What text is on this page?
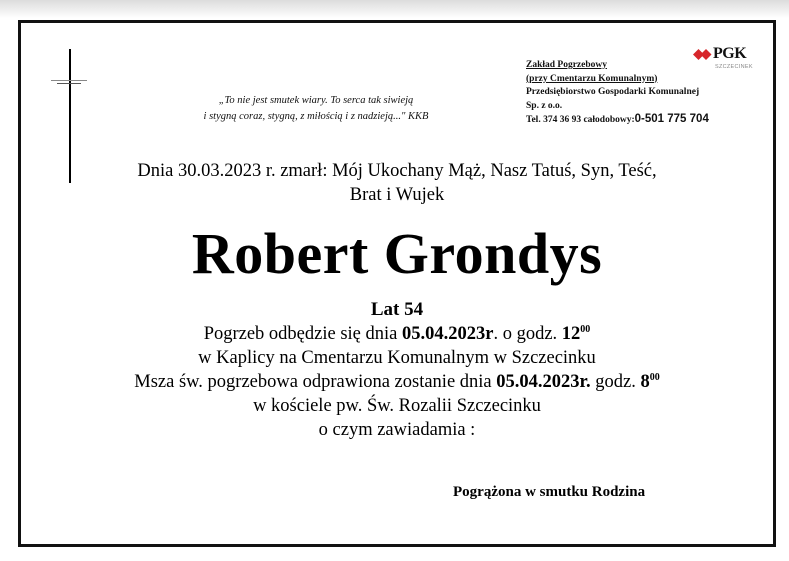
„To nie jest smutek wiary. To serca tak siwieją
i stygną coraz, stygną, z miłością i z nadzieją..." KKB
PGK
SZCZECINEK
Zakład Pogrzebowy
(przy Cmentarzu Komunalnym)
Przedsiębiorstwo Gospodarki Komunalnej
Sp. z o.o.
Tel. 374 36 93 całodobowy:0-501 775 704
Dnia 30.03.2023 r. zmarł: Mój Ukochany Mąż, Nasz Tatuś, Syn, Teść,
Brat i Wujek
Robert Grondys
Lat 54
Pogrzeb odbędzie się dnia 05.04.2023r. o godz. $12^{00}$
w Kaplicy na Cmentarzu Komunalnym w Szczecinku
Msza św. pogrzebowa odprawiona zostanie dnia 05.04.2023r. godz. $8^{00}$
w kościele pw. Św. Rozalii Szczecinku
o czym zawiadamia :
Pogrążona w smutku Rodzina
